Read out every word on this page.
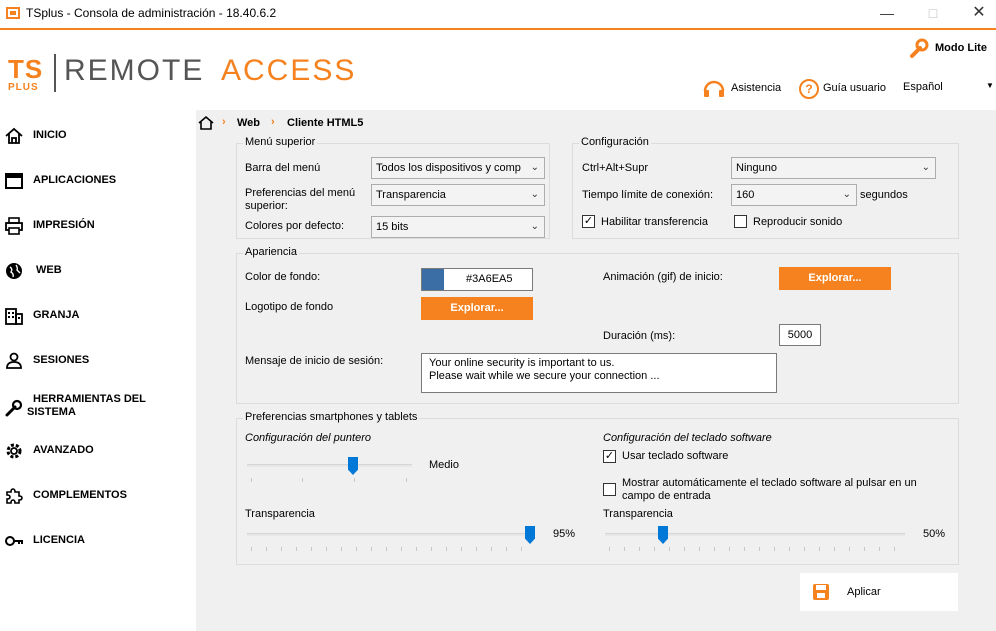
TSplus - Consola de administración - 18.40.6.2	—	□	✕
TS
PLUS
REMOTE ACCESS
Modo Lite
Asistencia ? Guía usuario Español	▼
INICIO
APLICACIONES
IMPRESIÓN
WEB
GRANJA
SESIONES
HERRAMIENTAS DEL
SISTEMA
AVANZADO
COMPLEMENTOS
LICENCIA
› Web › Cliente HTML5
Menú superior
Barra del menú	Todos los dispositivos y comp ⌄
Preferencias del menú superior:
Transparencia	⌄
Colores por defecto:	15 bits	⌄
Configuración
Ctrl+Alt+Supr	Ninguno	⌄
Tiempo límite de conexión:	160	⌄ segundos
✓ Habilitar transferencia	Reproducir sonido
Apariencia
Color de fondo:	#3A6EA5
Logotipo de fondo	Explorar...
Animación (gif) de inicio:	Explorar...
Duración (ms):	5000
Mensaje de inicio de sesión:	Your online security is important to us.
Please wait while we secure your connection ...
Preferencias smartphones y tablets
Configuración del puntero
Medio
Transparencia
95%
Configuración del teclado software
✓ Usar teclado software
Mostrar automáticamente el teclado software al pulsar en un campo de entrada
Transparencia
50%
Aplicar
